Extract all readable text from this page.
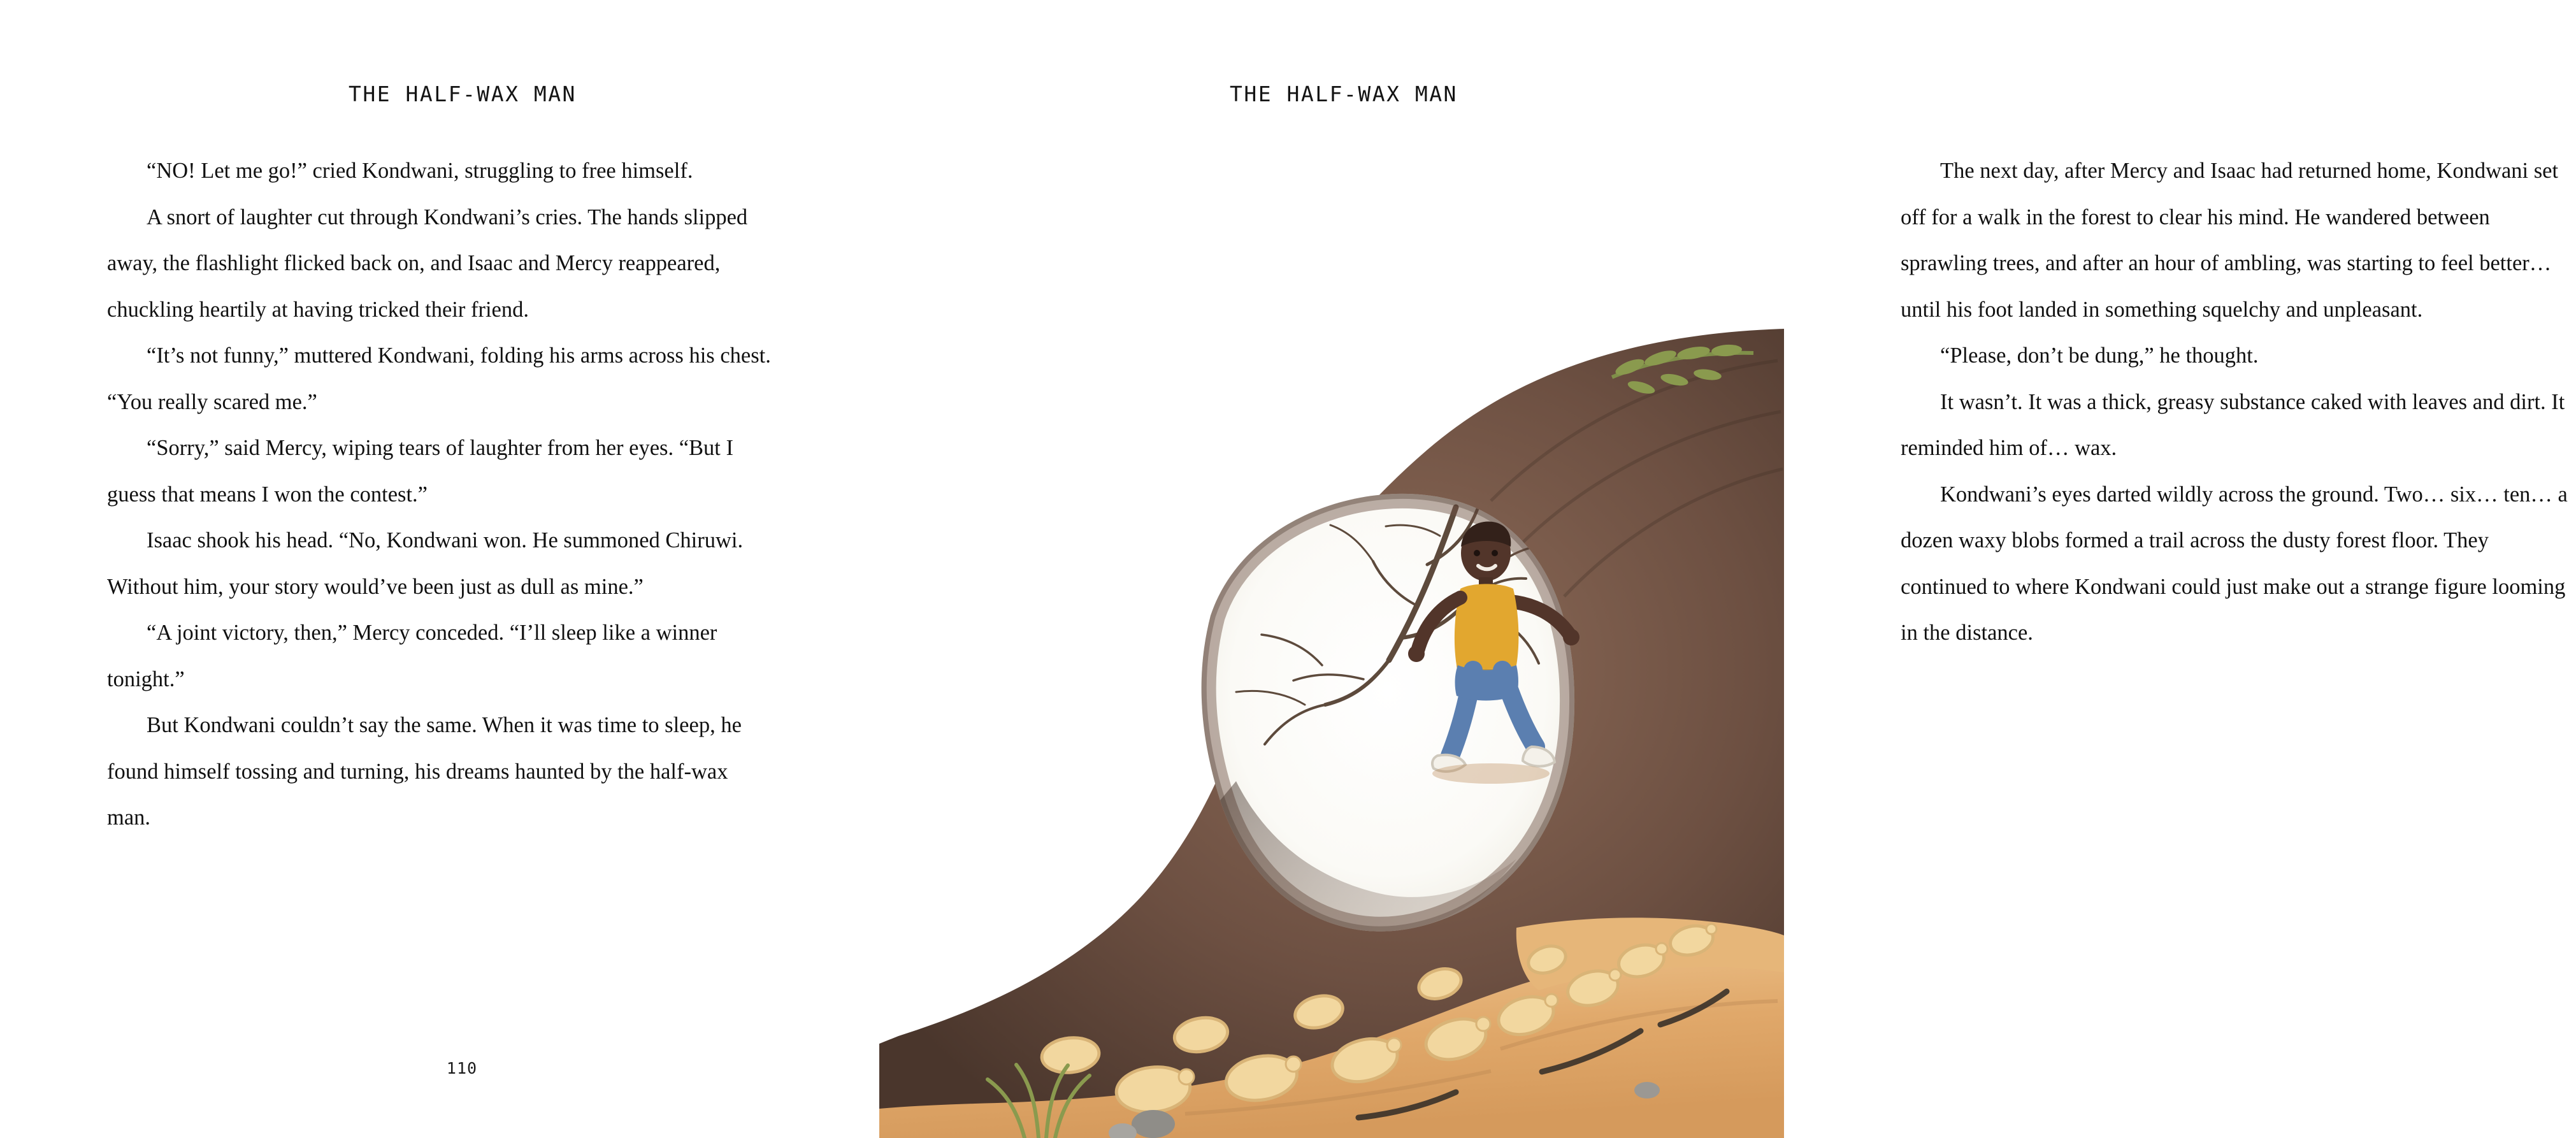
THE HALF-WAX MAN

“NO! Let me go!” cried Kondwani, struggling to free himself.

A snort of laughter cut through Kondwani’s cries. The hands slipped away, the flashlight flicked back on, and Isaac and Mercy reappeared, chuckling heartily at having tricked their friend.

“It’s not funny,” muttered Kondwani, folding his arms across his chest. “You really scared me.”

“Sorry,” said Mercy, wiping tears of laughter from her eyes. “But I guess that means I won the contest.”

Isaac shook his head. “No, Kondwani won. He summoned Chiruwi. Without him, your story would’ve been just as dull as mine.”

“A joint victory, then,” Mercy conceded. “I’ll sleep like a winner tonight.”

But Kondwani couldn’t say the same. When it was time to sleep, he found himself tossing and turning, his dreams haunted by the half-wax man.

110
THE HALF-WAX MAN

The next day, after Mercy and Isaac had returned home, Kondwani set off for a walk in the forest to clear his mind. He wandered between sprawling trees, and after an hour of ambling, was starting to feel better… until his foot landed in something squelchy and unpleasant.

“Please, don’t be dung,” he thought.

It wasn’t. It was a thick, greasy substance caked with leaves and dirt. It reminded him of… wax.

Kondwani’s eyes darted wildly across the ground. Two… six… ten… a dozen waxy blobs formed a trail across the dusty forest floor. They continued to where Kondwani could just make out a strange figure looming in the distance.
